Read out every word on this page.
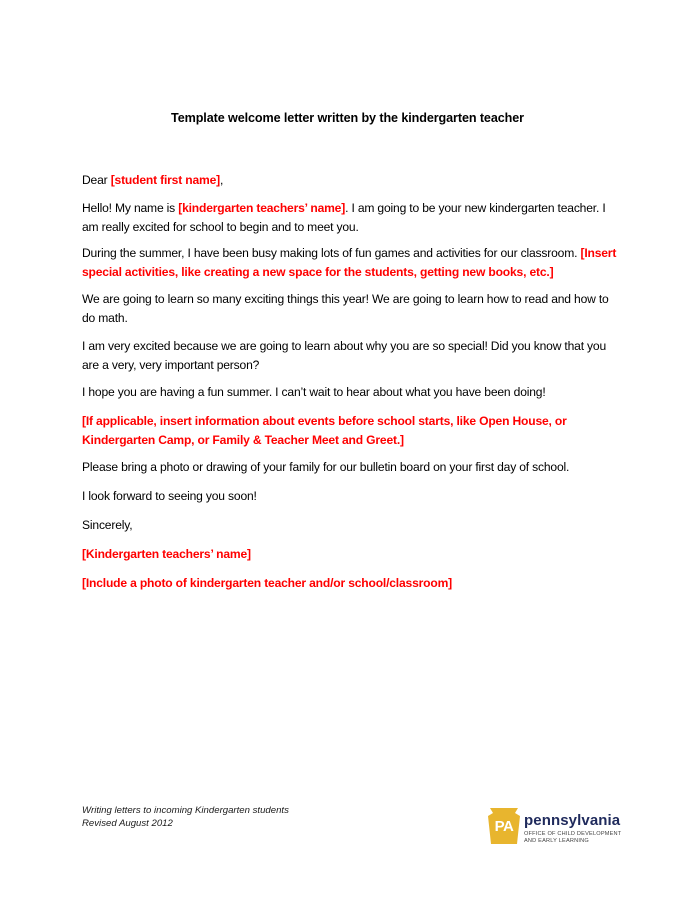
Template welcome letter written by the kindergarten teacher

Dear [student first name],

Hello! My name is [kindergarten teachers’ name]. I am going to be your new kindergarten teacher. I am really excited for school to begin and to meet you.

During the summer, I have been busy making lots of fun games and activities for our classroom. [Insert special activities, like creating a new space for the students, getting new books, etc.]

We are going to learn so many exciting things this year! We are going to learn how to read and how to do math.

I am very excited because we are going to learn about why you are so special! Did you know that you are a very, very important person?

I hope you are having a fun summer. I can’t wait to hear about what you have been doing!

[If applicable, insert information about events before school starts, like Open House, or Kindergarten Camp, or Family & Teacher Meet and Greet.]

Please bring a photo or drawing of your family for our bulletin board on your first day of school.

I look forward to seeing you soon!

Sincerely,

[Kindergarten teachers’ name]

[Include a photo of kindergarten teacher and/or school/classroom]

Writing letters to incoming Kindergarten students
Revised August 2012	PA pennsylvania
OFFICE OF CHILD DEVELOPMENT
AND EARLY LEARNING
